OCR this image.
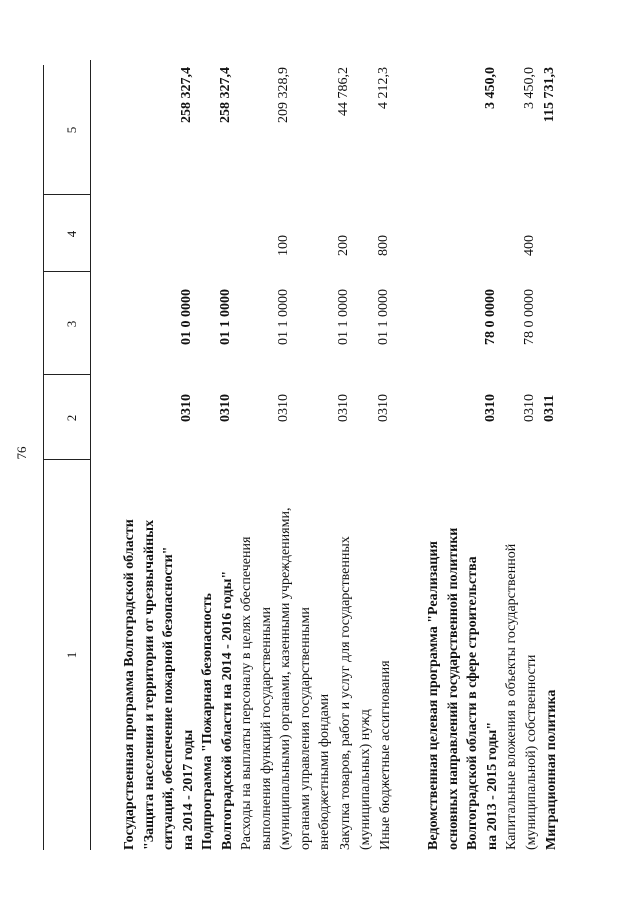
76
1
2
3
4
5
Государственная программа Волгоградской области "Защита населения и территории от чрезвычайных ситуаций, обеспечение пожарной безопасности" на 2014 - 2017 годы
0310
01 0 0000
258 327,4
Подпрограмма "Пожарная безопасность Волгоградской области на 2014 - 2016 годы"
0310
01 1 0000
258 327,4
Расходы на выплаты персоналу в целях обеспечения выполнения функций государственными (муниципальными) органами, казенными учреждениями, органами управления государственными внебюджетными фондами
0310
01 1 0000
100
209 328,9
Закупка товаров, работ и услуг для государственных (муниципальных) нужд
0310
01 1 0000
200
44 786,2
Иные бюджетные ассигнования
0310
01 1 0000
800
4 212,3
Ведомственная целевая программа "Реализация основных направлений государственной политики Волгоградской области в сфере строительства на 2013 - 2015 годы"
0310
78 0 0000
3 450,0
Капитальные вложения в объекты государственной (муниципальной) собственности
0310
78 0 0000
400
3 450,0
Миграционная политика
0311
115 731,3
